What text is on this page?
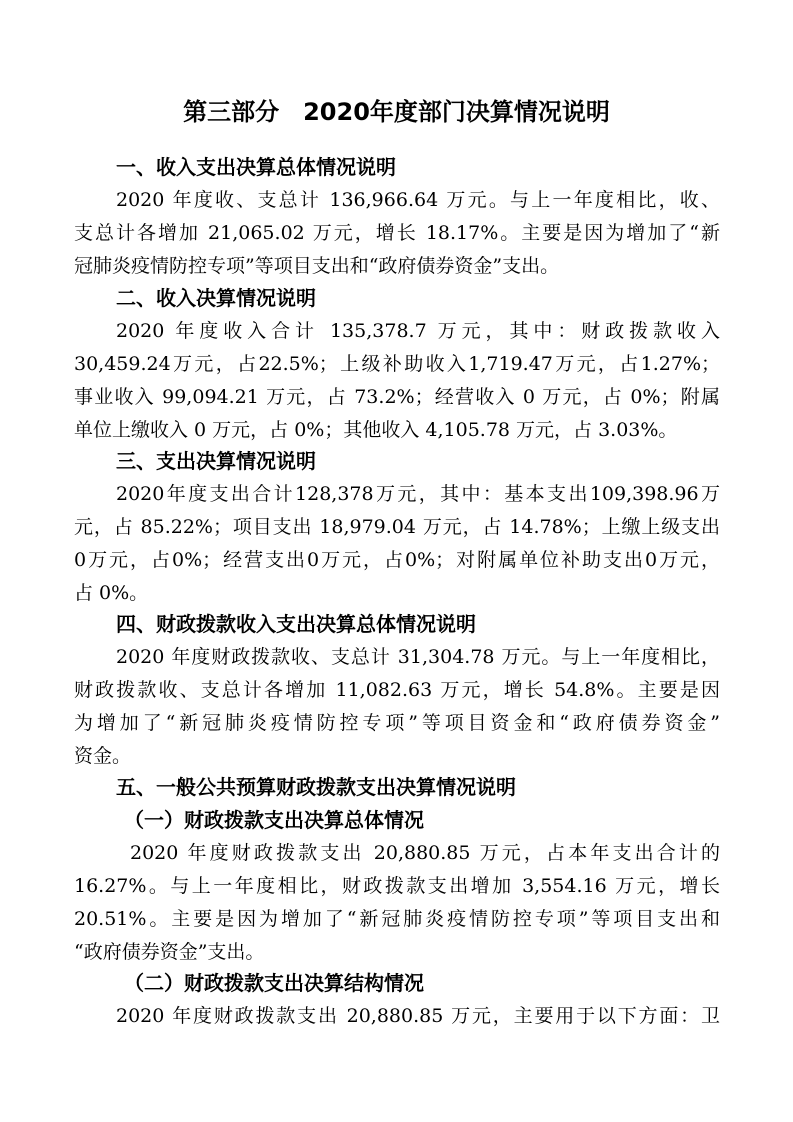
第三部分 2020年度部门决算情况说明
一、收入支出决算总体情况说明

2020 年度收、支总计 136,966.64 万元。与上一年度相比，收、

支总计各增加 21,065.02 万元，增长 18.17%。主要是因为增加了“新

冠肺炎疫情防控专项”等项目支出和“政府债券资金”支出。

二、收入决算情况说明

2020 年度收入合计 135,378.7 万元，其中：财政拨款收入

30,459.24万元，占22.5%；上级补助收入1,719.47万元，占1.27%；

事业收入 99,094.21 万元，占 73.2%；经营收入 0 万元，占 0%；附属

单位上缴收入 0 万元，占 0%；其他收入 4,105.78 万元，占 3.03%。

三、支出决算情况说明

2020年度支出合计128,378万元，其中：基本支出109,398.96万

元，占 85.22%；项目支出 18,979.04 万元，占 14.78%；上缴上级支出

0万元，占0%；经营支出0万元，占0%；对附属单位补助支出0万元，

占 0%。

四、财政拨款收入支出决算总体情况说明

2020 年度财政拨款收、支总计 31,304.78 万元。与上一年度相比，

财政拨款收、支总计各增加 11,082.63 万元，增长 54.8%。主要是因

为增加了“新冠肺炎疫情防控专项”等项目资金和“政府债券资金”

资金。

五、一般公共预算财政拨款支出决算情况说明
（一）财政拨款支出决算总体情况

2020 年度财政拨款支出 20,880.85 万元，占本年支出合计的

16.27%。与上一年度相比，财政拨款支出增加 3,554.16 万元，增长

20.51%。主要是因为增加了“新冠肺炎疫情防控专项”等项目支出和

“政府债券资金”支出。

（二）财政拨款支出决算结构情况

2020 年度财政拨款支出 20,880.85 万元，主要用于以下方面：卫
